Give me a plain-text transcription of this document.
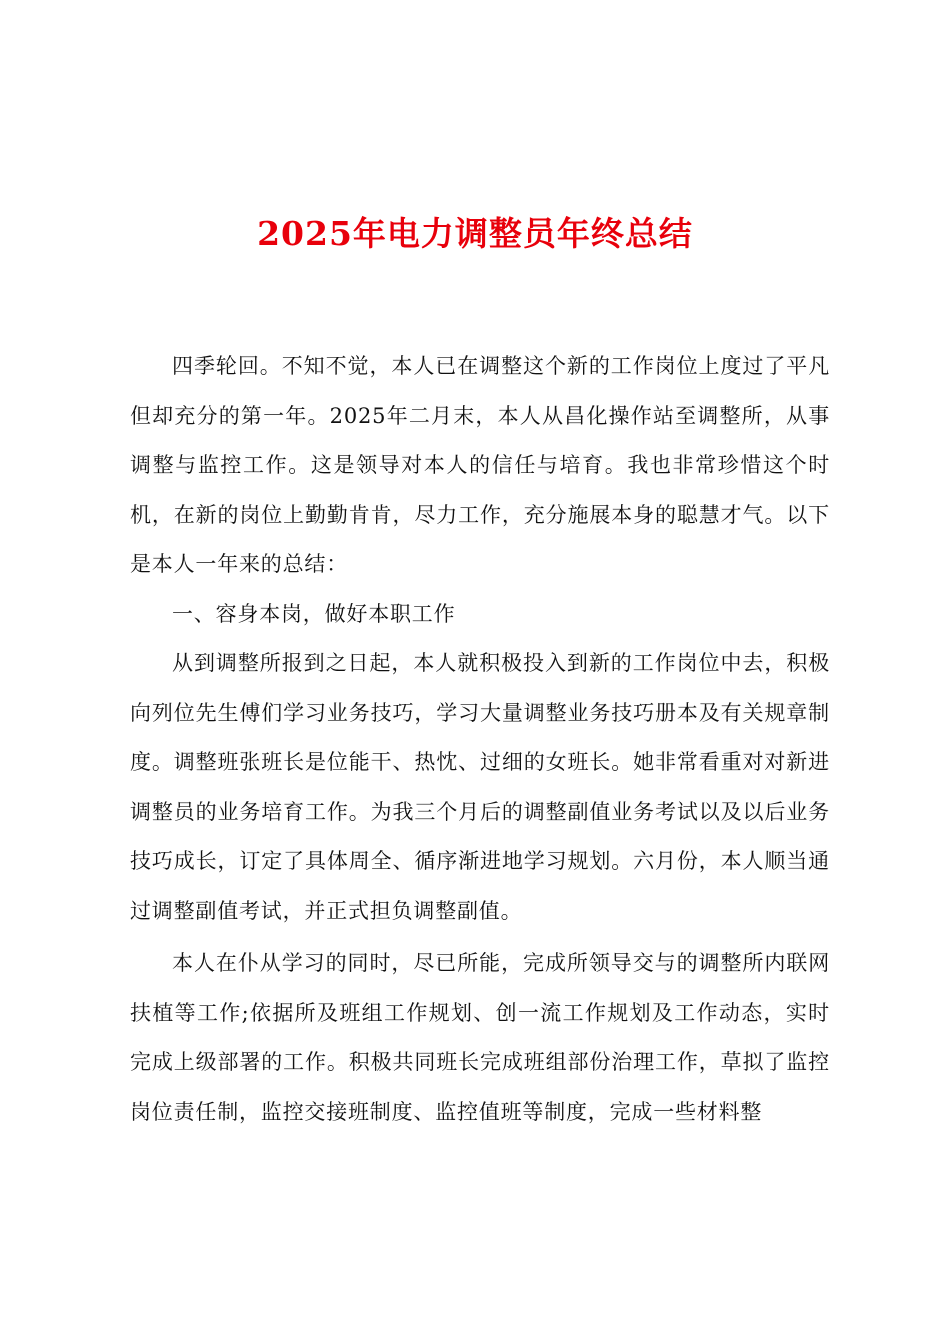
2025年电力调整员年终总结

四季轮回。不知不觉，本人已在调整这个新的工作岗位上度过了平凡但却充分的第一年。2025年二月末，本人从昌化操作站至调整所，从事调整与监控工作。这是领导对本人的信任与培育。我也非常珍惜这个时机，在新的岗位上勤勤肯肯，尽力工作，充分施展本身的聪慧才气。以下是本人一年来的总结：

一、容身本岗，做好本职工作

从到调整所报到之日起，本人就积极投入到新的工作岗位中去，积极向列位先生傅们学习业务技巧，学习大量调整业务技巧册本及有关规章制度。调整班张班长是位能干、热忱、过细的女班长。她非常看重对对新进调整员的业务培育工作。为我三个月后的调整副值业务考试以及以后业务技巧成长，订定了具体周全、循序渐进地学习规划。六月份，本人顺当通过调整副值考试，并正式担负调整副值。

本人在仆从学习的同时，尽已所能，完成所领导交与的调整所内联网扶植等工作;依据所及班组工作规划、创一流工作规划及工作动态，实时完成上级部署的工作。积极共同班长完成班组部份治理工作，草拟了监控岗位责任制，监控交接班制度、监控值班等制度，完成一些材料整
